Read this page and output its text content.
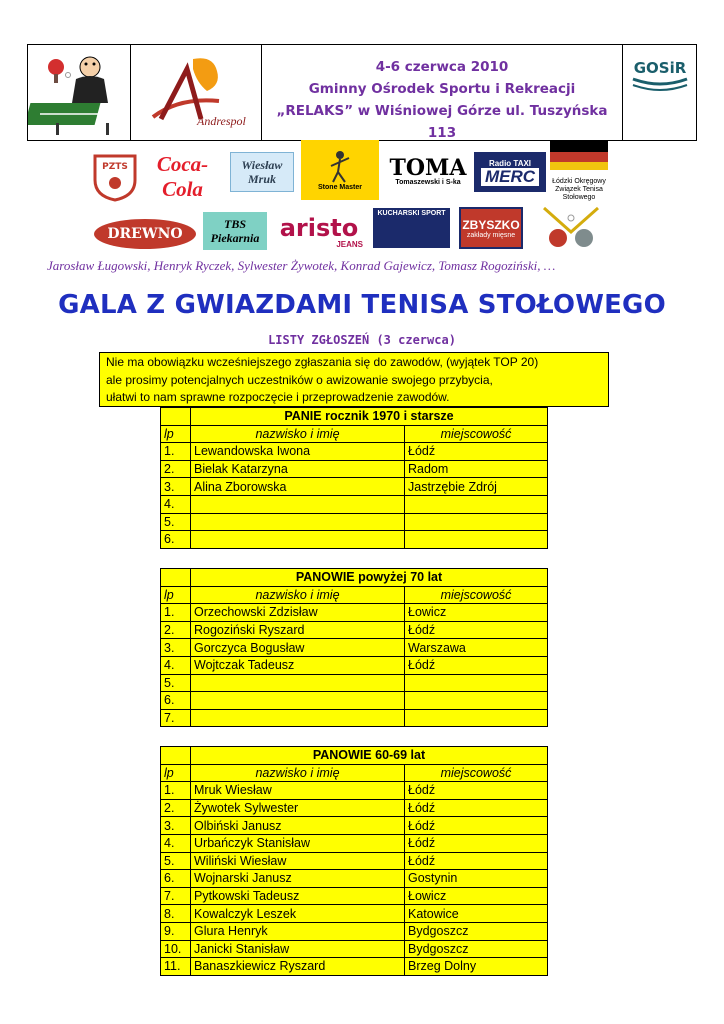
Andrespol
4-6 czerwca 2010
Gminny Ośrodek Sportu i Rekreacji
„RELAKS” w Wiśniowej Górze ul. Tuszyńska 113
GOSiR
PZTS	Coca-Cola
Wiesław
Mruk
Stone Master
TOMA
Tomaszewski i S-ka
Radio TAXI
MERC	Łódzki Okręgowy
Związek Tenisa
Stołowego
DREWNO
TBS
Piekarnia aristo
JEANS
KUCHARSKI SPORT
ZBYSZKO
zakłady mięsne
Jarosław Ługowski, Henryk Ryczek, Sylwester Żywotek, Konrad Gajewicz, Tomasz Rogoziński, …
GALA Z GWIAZDAMI TENISA STOŁOWEGO
LISTY ZGŁOSZEŃ (3 czerwca)
Nie ma obowiązku wcześniejszego zgłaszania się do zawodów, (wyjątek TOP 20)
ale prosimy potencjalnych uczestników o awizowanie swojego przybycia,
ułatwi to nam sprawne rozpoczęcie i przeprowadzenie zawodów.
	PANIE rocznik 1970 i starsze	
lp	nazwisko i imię	miejscowość
1.	Lewandowska Iwona	Łódź
2.	Bielak Katarzyna	Radom
3.	Alina Zborowska	Jastrzębie Zdrój
4.		
5.		
6.		
	PANOWIE powyżej 70 lat	
lp	nazwisko i imię	miejscowość
1.	Orzechowski Zdzisław	Łowicz
2.	Rogoziński Ryszard	Łódź
3.	Gorczyca Bogusław	Warszawa
4.	Wojtczak Tadeusz	Łódź
5.		
6.		
7.		
	PANOWIE 60-69 lat	
lp	nazwisko i imię	miejscowość
1.	Mruk Wiesław	Łódź
2.	Żywotek Sylwester	Łódź
3.	Olbiński Janusz	Łódź
4.	Urbańczyk Stanisław	Łódź
5.	Wiliński Wiesław	Łódź
6.	Wojnarski Janusz	Gostynin
7.	Pytkowski Tadeusz	Łowicz
8.	Kowalczyk Leszek	Katowice
9.	Glura Henryk	Bydgoszcz
10.	Janicki Stanisław	Bydgoszcz
11.	Banaszkiewicz Ryszard	Brzeg Dolny
